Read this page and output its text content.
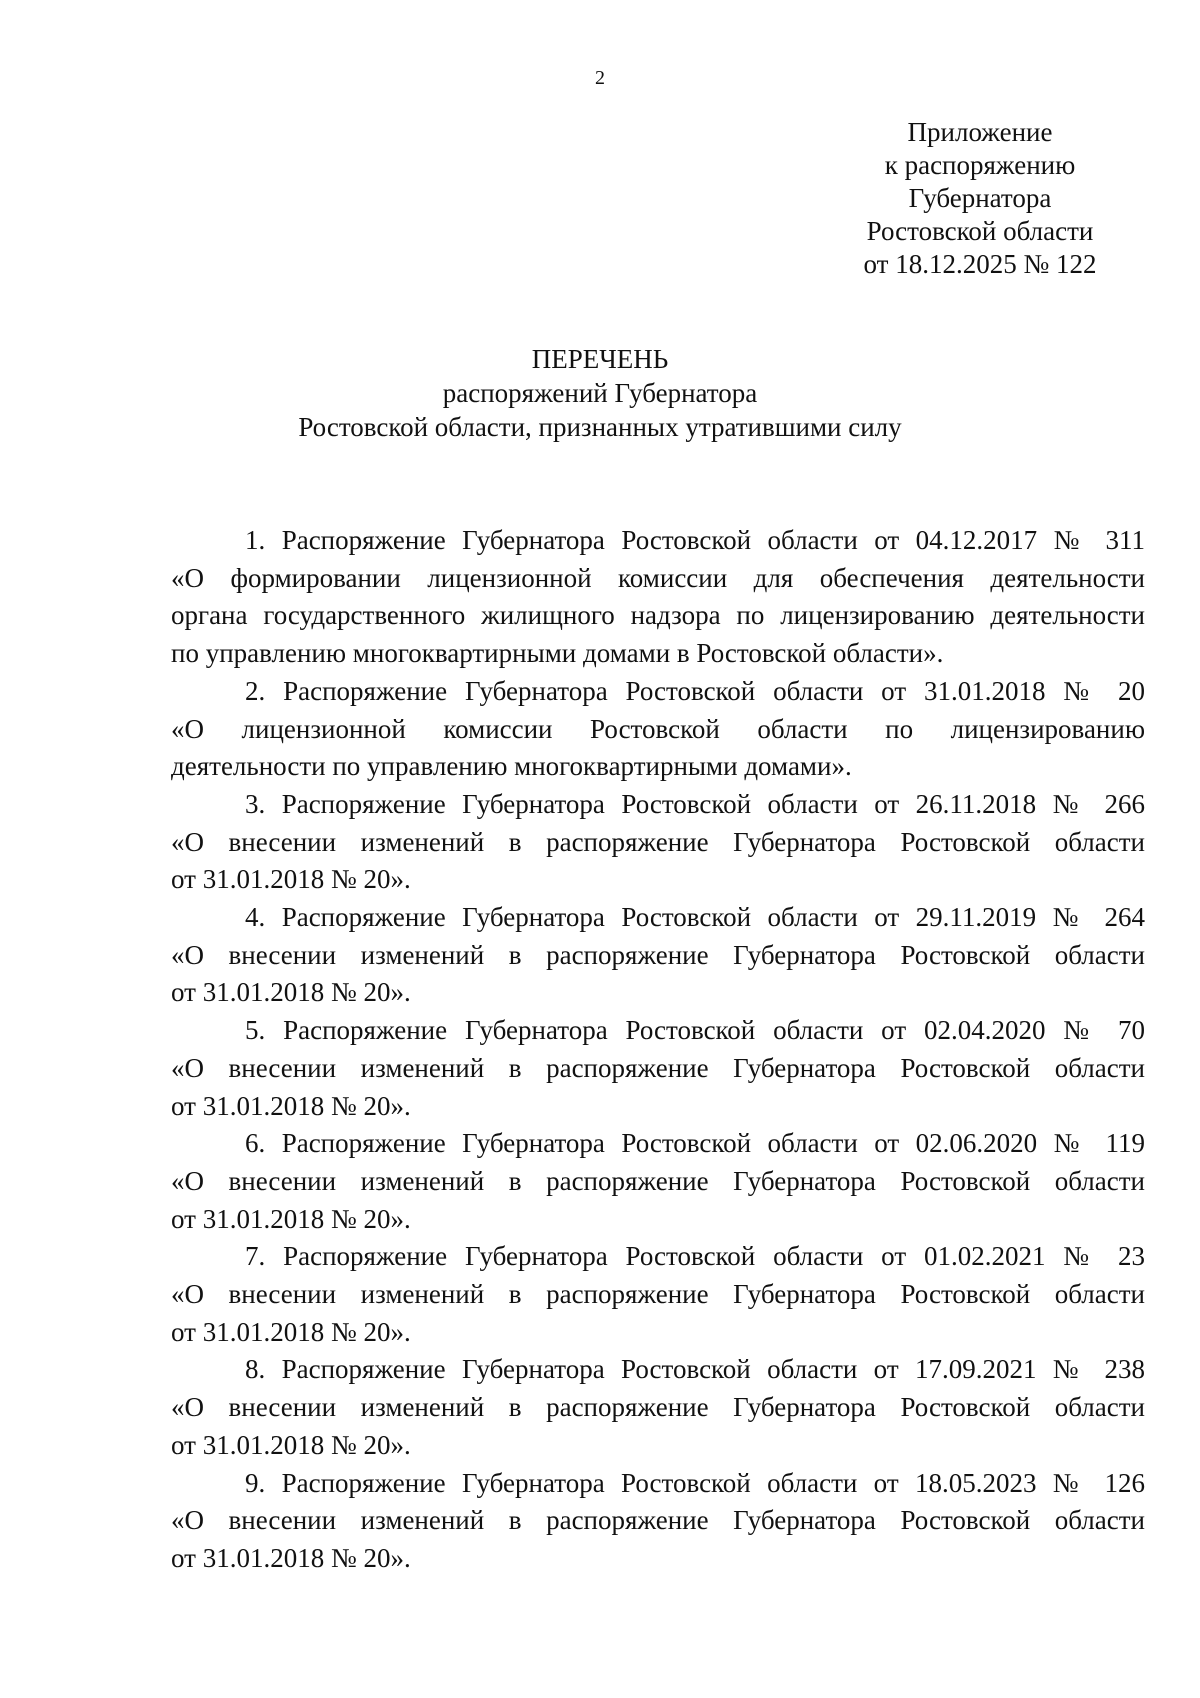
2
Приложение
к распоряжению
Губернатора
Ростовской области
от 18.12.2025 № 122
ПЕРЕЧЕНЬ
распоряжений Губернатора
Ростовской области, признанных утратившими силу
1. Распоряжение Губернатора Ростовской области от 04.12.2017 № 311
«О формировании лицензионной комиссии для обеспечения деятельности
органа государственного жилищного надзора по лицензированию деятельности
по управлению многоквартирными домами в Ростовской области».
2. Распоряжение Губернатора Ростовской области от 31.01.2018 № 20
«О лицензионной комиссии Ростовской области по лицензированию
деятельности по управлению многоквартирными домами».
3. Распоряжение Губернатора Ростовской области от 26.11.2018 № 266
«О внесении изменений в распоряжение Губернатора Ростовской области
от 31.01.2018 № 20».
4. Распоряжение Губернатора Ростовской области от 29.11.2019 № 264
«О внесении изменений в распоряжение Губернатора Ростовской области
от 31.01.2018 № 20».
5. Распоряжение Губернатора Ростовской области от 02.04.2020 № 70
«О внесении изменений в распоряжение Губернатора Ростовской области
от 31.01.2018 № 20».
6. Распоряжение Губернатора Ростовской области от 02.06.2020 № 119
«О внесении изменений в распоряжение Губернатора Ростовской области
от 31.01.2018 № 20».
7. Распоряжение Губернатора Ростовской области от 01.02.2021 № 23
«О внесении изменений в распоряжение Губернатора Ростовской области
от 31.01.2018 № 20».
8. Распоряжение Губернатора Ростовской области от 17.09.2021 № 238
«О внесении изменений в распоряжение Губернатора Ростовской области
от 31.01.2018 № 20».
9. Распоряжение Губернатора Ростовской области от 18.05.2023 № 126
«О внесении изменений в распоряжение Губернатора Ростовской области
от 31.01.2018 № 20».
